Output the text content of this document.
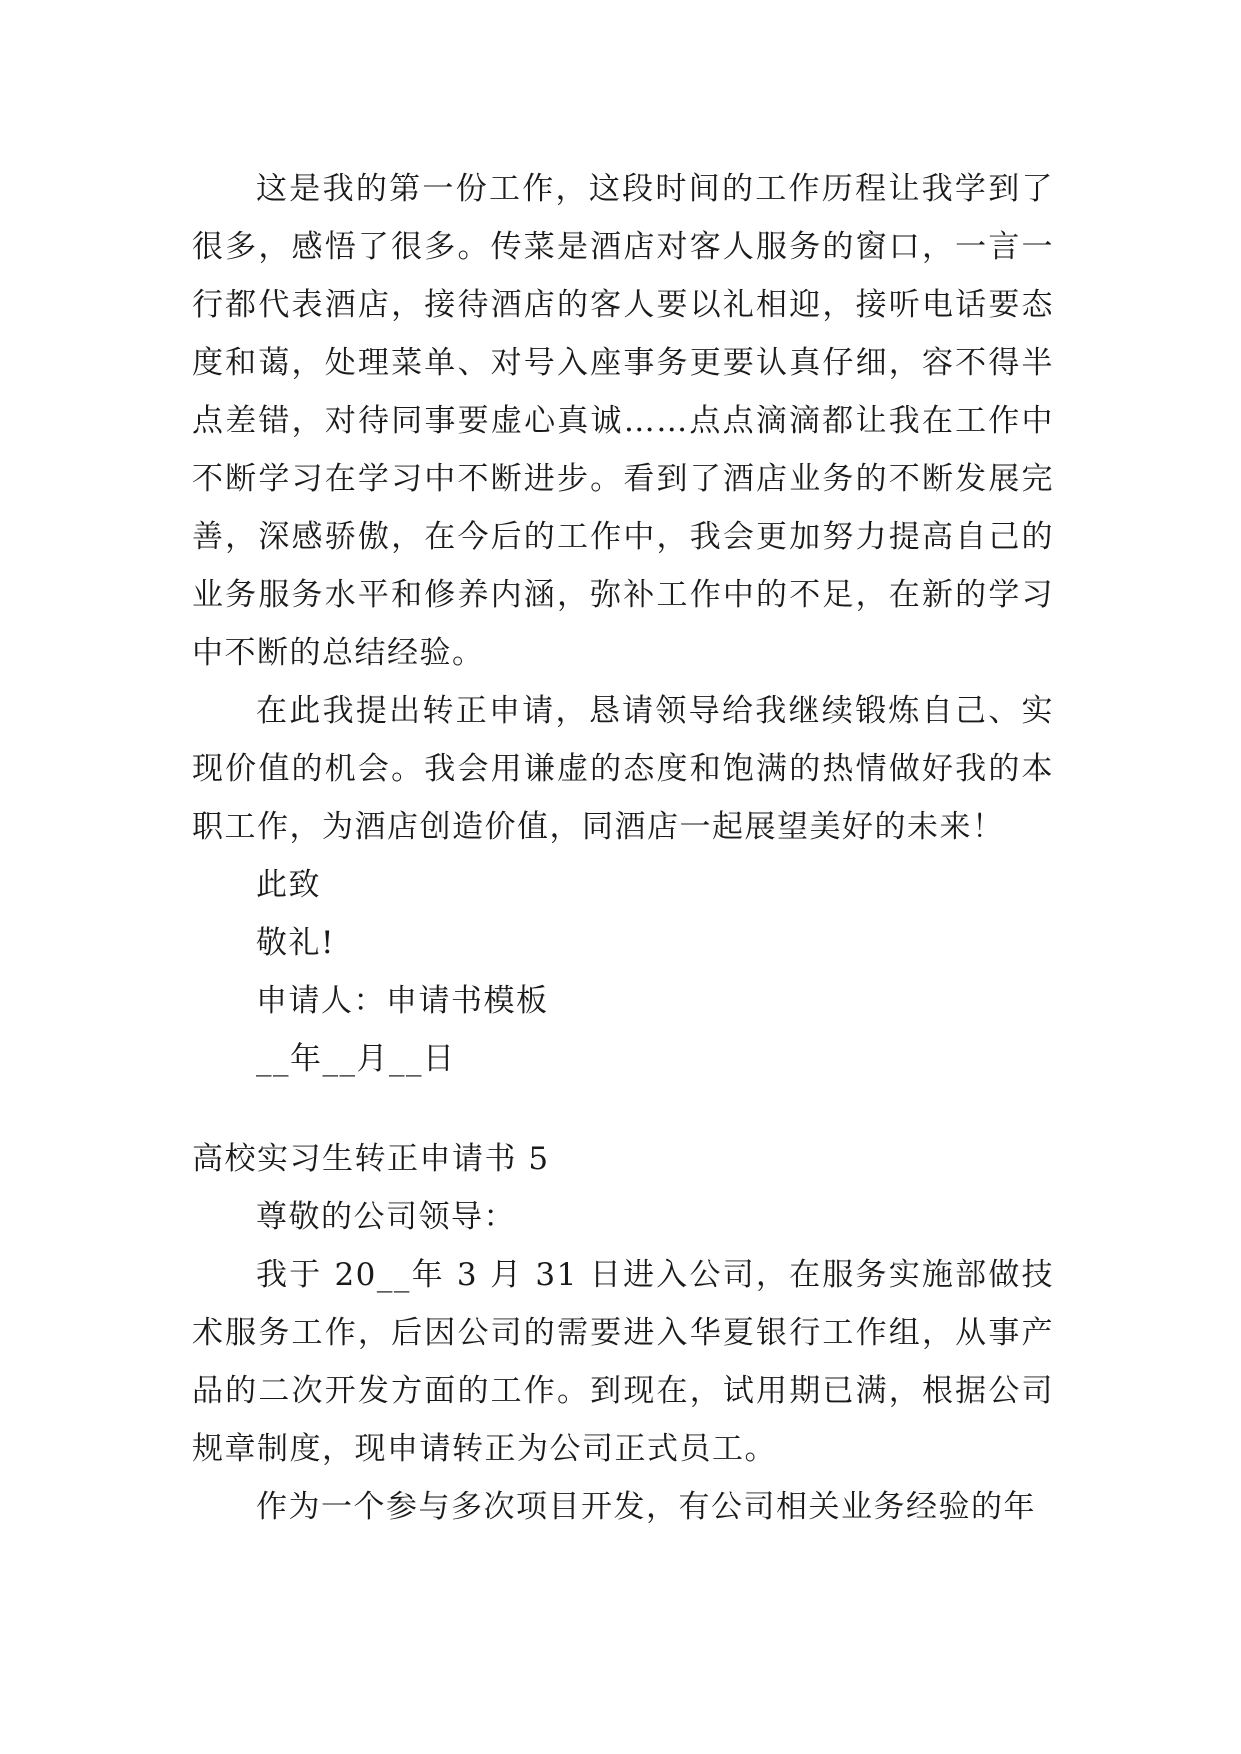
这是我的第一份工作，这段时间的工作历程让我学到了很多，感悟了很多。传菜是酒店对客人服务的窗口，一言一行都代表酒店，接待酒店的客人要以礼相迎，接听电话要态度和蔼，处理菜单、对号入座事务更要认真仔细，容不得半点差错，对待同事要虚心真诚……点点滴滴都让我在工作中不断学习在学习中不断进步。看到了酒店业务的不断发展完善，深感骄傲，在今后的工作中，我会更加努力提高自己的业务服务水平和修养内涵，弥补工作中的不足，在新的学习中不断的总结经验。

在此我提出转正申请，恳请领导给我继续锻炼自己、实现价值的机会。我会用谦虚的态度和饱满的热情做好我的本职工作，为酒店创造价值，同酒店一起展望美好的未来！

此致

敬礼!

申请人：申请书模板

__年__月__日

高校实习生转正申请书 5

尊敬的公司领导：

我于 20__年 3 月 31 日进入公司，在服务实施部做技术服务工作，后因公司的需要进入华夏银行工作组，从事产品的二次开发方面的工作。到现在，试用期已满，根据公司规章制度，现申请转正为公司正式员工。

作为一个参与多次项目开发，有公司相关业务经验的年
